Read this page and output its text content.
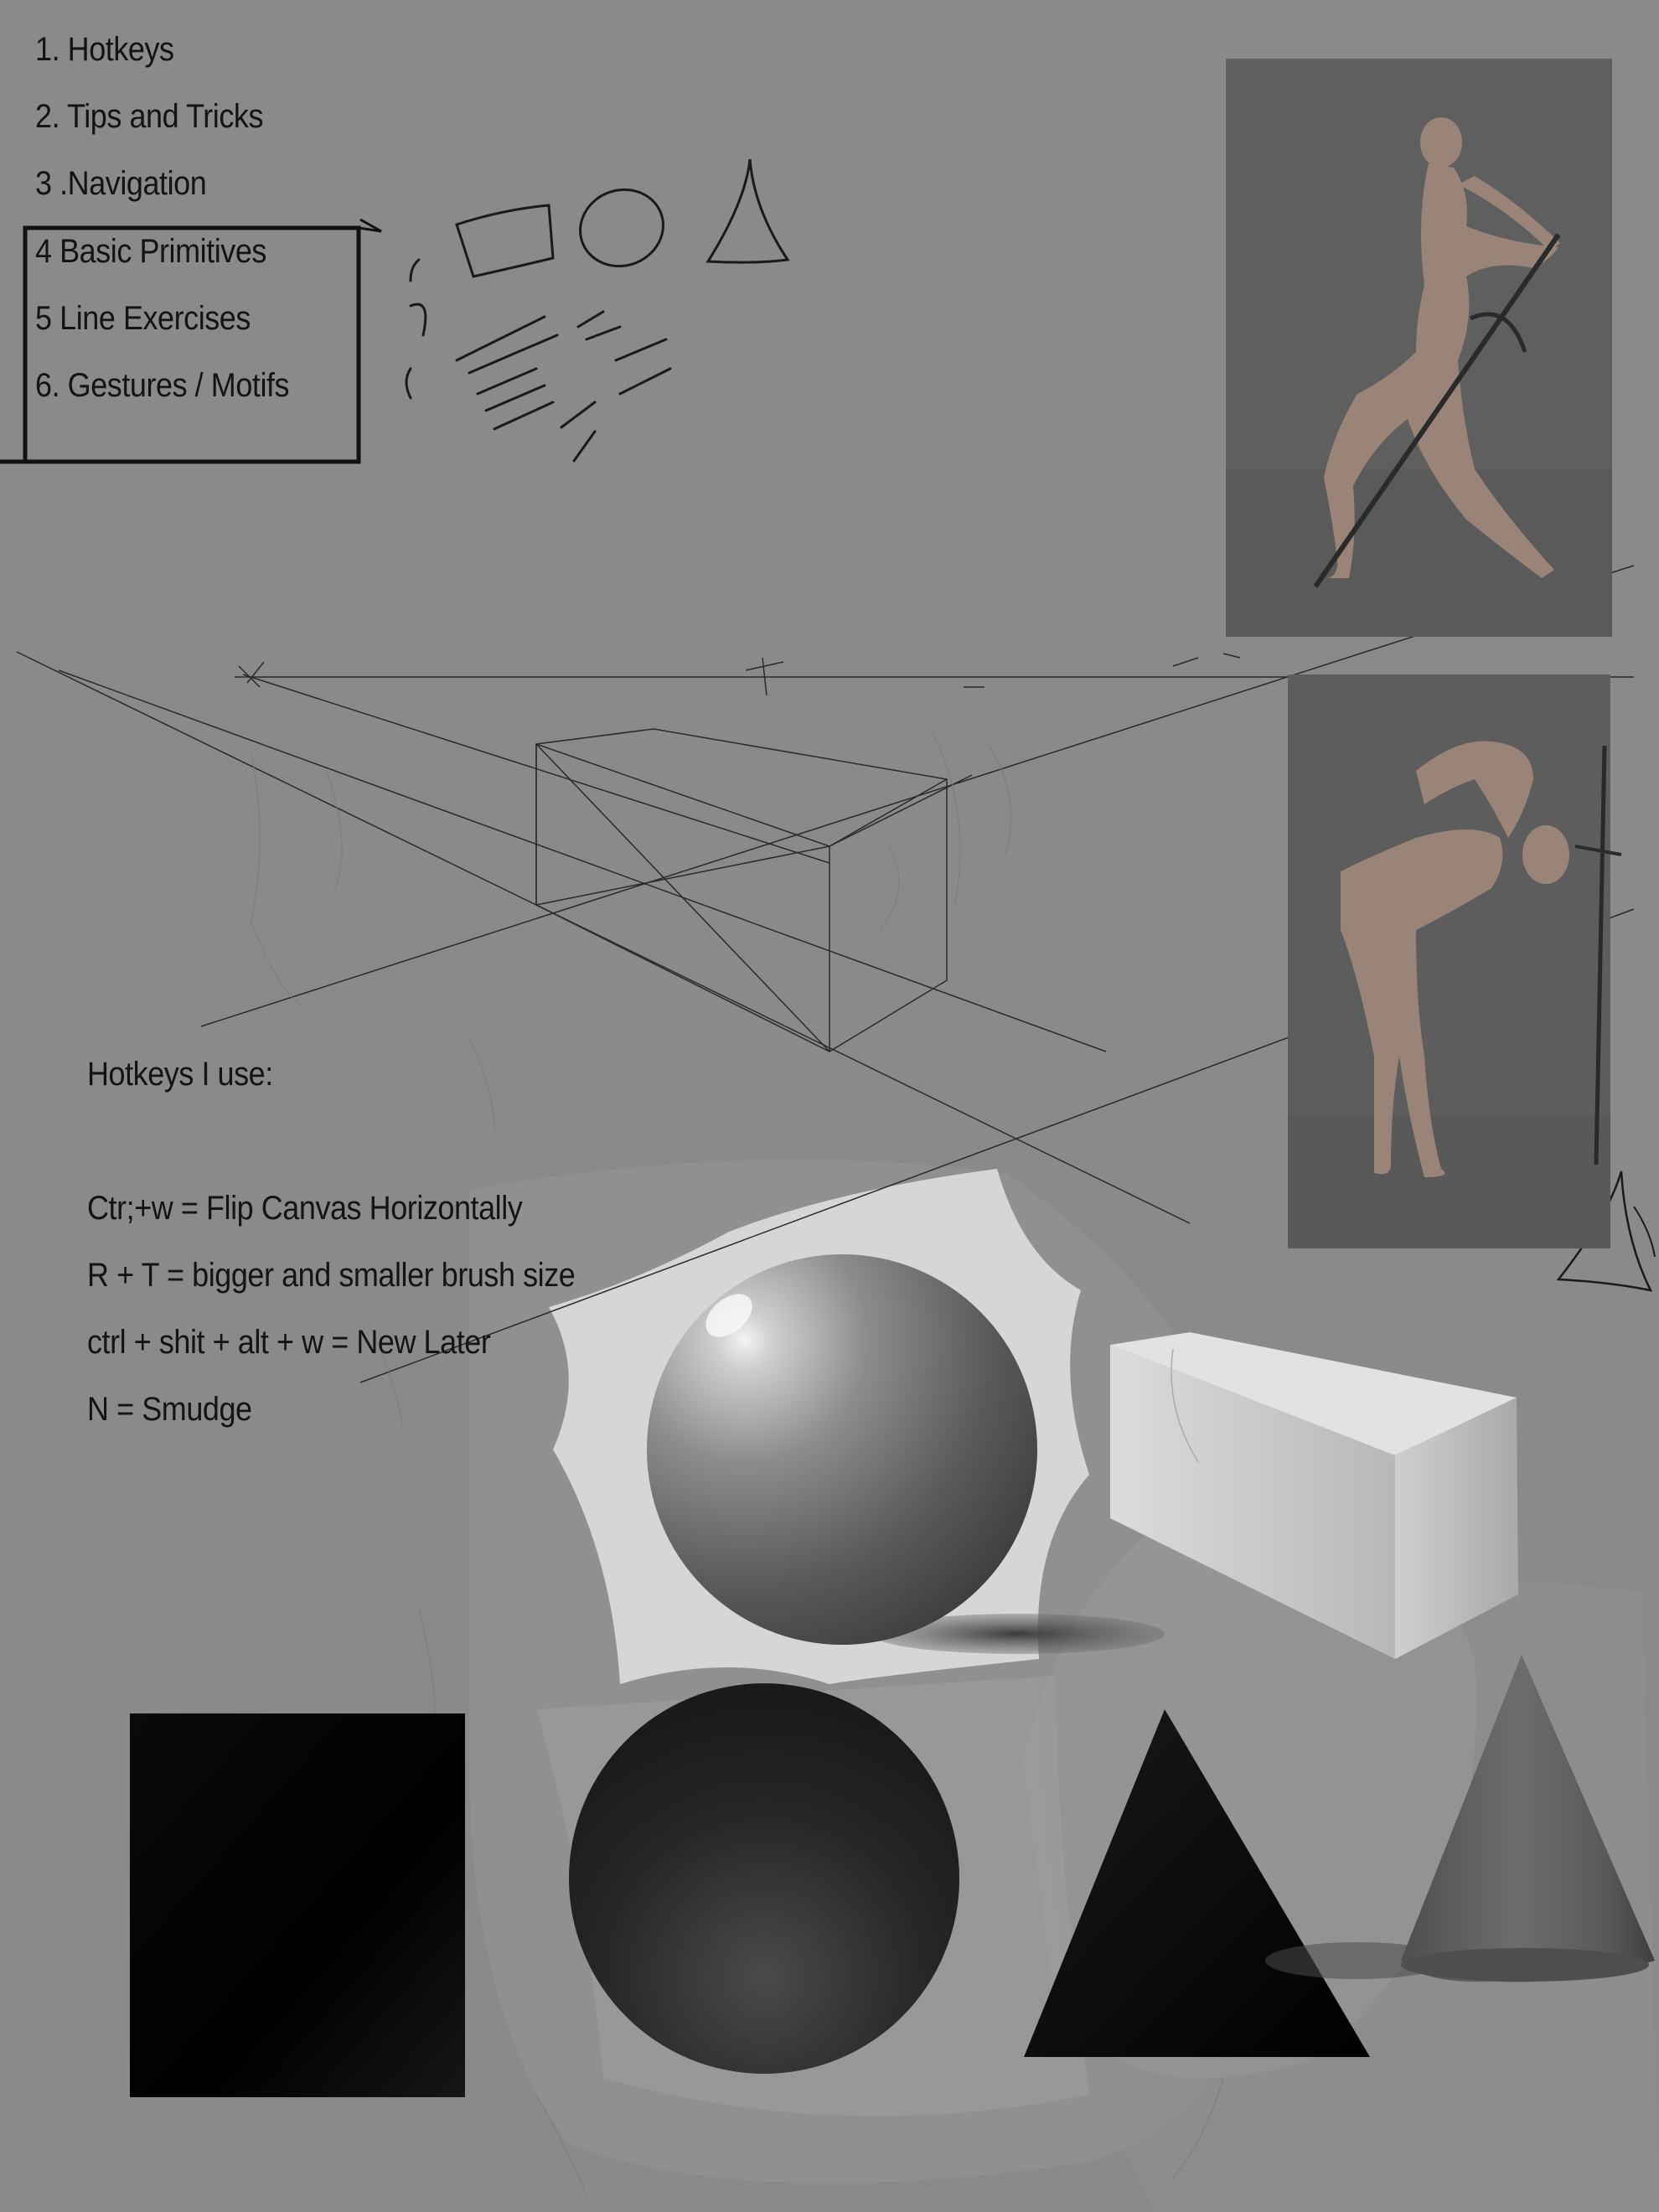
1. Hotkeys
2. Tips and Tricks
3 .Navigation
4 Basic Primitives
5 Line Exercises
6. Gestures / Motifs
Hotkeys I use:
Ctr;+w = Flip Canvas Horizontally
R + T = bigger and smaller brush size
ctrl + shit + alt + w = New Later
N = Smudge
